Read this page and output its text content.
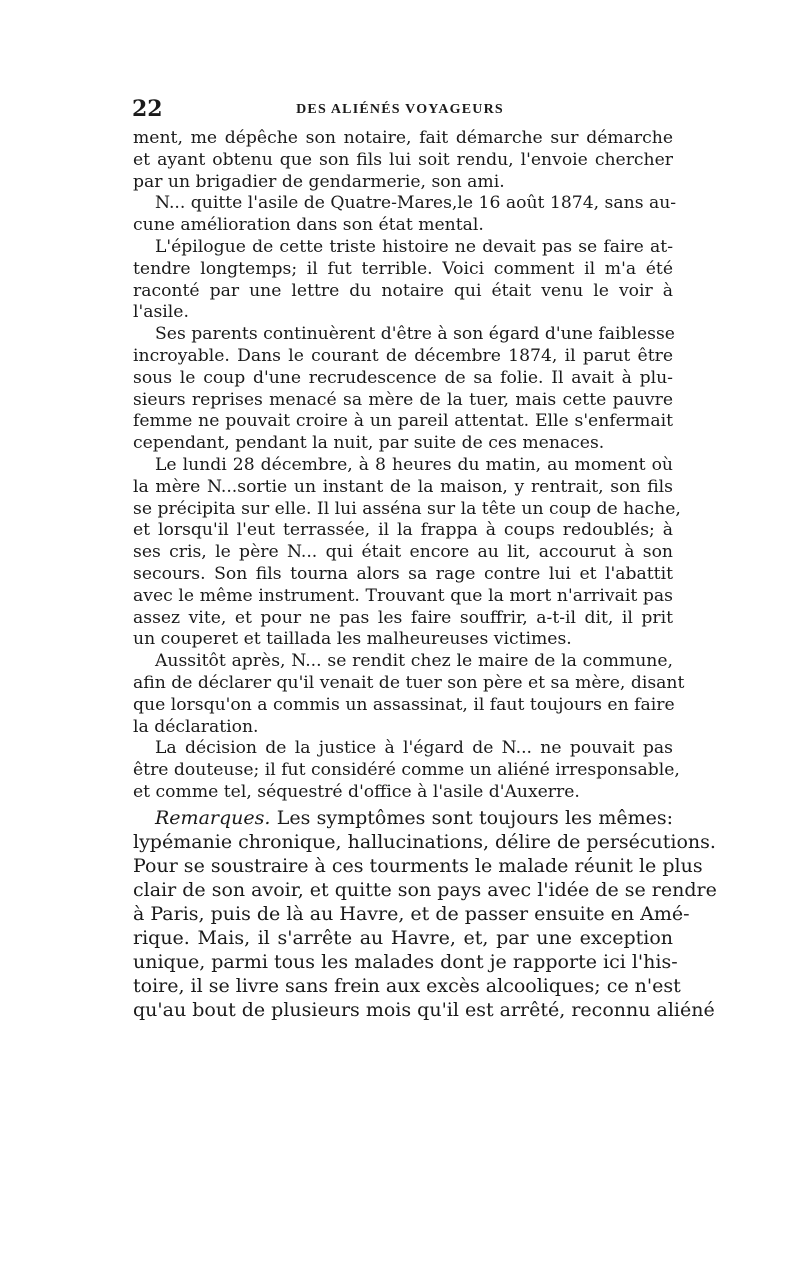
22	DES ALIÉNÉS VOYAGEURS
ment, me dépêche son notaire, fait démarche sur démarche
et ayant obtenu que son fils lui soit rendu, l'envoie chercher
par un brigadier de gendarmerie, son ami.
N... quitte l'asile de Quatre-Mares,le 16 août 1874, sans au-
cune amélioration dans son état mental.
L'épilogue de cette triste histoire ne devait pas se faire at-
tendre longtemps; il fut terrible. Voici comment il m'a été
raconté par une lettre du notaire qui était venu le voir à
l'asile.
Ses parents continuèrent d'être à son égard d'une faiblesse
incroyable. Dans le courant de décembre 1874, il parut être
sous le coup d'une recrudescence de sa folie. Il avait à plu-
sieurs reprises menacé sa mère de la tuer, mais cette pauvre
femme ne pouvait croire à un pareil attentat. Elle s'enfermait
cependant, pendant la nuit, par suite de ces menaces.
Le lundi 28 décembre, à 8 heures du matin, au moment où
la mère N...sortie un instant de la maison, y rentrait, son fils
se précipita sur elle. Il lui asséna sur la tête un coup de hache,
et lorsqu'il l'eut terrassée, il la frappa à coups redoublés; à
ses cris, le père N... qui était encore au lit, accourut à son
secours. Son fils tourna alors sa rage contre lui et l'abattit
avec le même instrument. Trouvant que la mort n'arrivait pas
assez vite, et pour ne pas les faire souffrir, a-t-il dit, il prit
un couperet et taillada les malheureuses victimes.
Aussitôt après, N... se rendit chez le maire de la commune,
afin de déclarer qu'il venait de tuer son père et sa mère, disant
que lorsqu'on a commis un assassinat, il faut toujours en faire
la déclaration.
La décision de la justice à l'égard de N... ne pouvait pas
être douteuse; il fut considéré comme un aliéné irresponsable,
et comme tel, séquestré d'office à l'asile d'Auxerre.
Remarques. Les symptômes sont toujours les mêmes:
lypémanie chronique, hallucinations, délire de persécutions.
Pour se soustraire à ces tourments le malade réunit le plus
clair de son avoir, et quitte son pays avec l'idée de se rendre
à Paris, puis de là au Havre, et de passer ensuite en Amé-
rique. Mais, il s'arrête au Havre, et, par une exception
unique, parmi tous les malades dont je rapporte ici l'his-
toire, il se livre sans frein aux excès alcooliques; ce n'est
qu'au bout de plusieurs mois qu'il est arrêté, reconnu aliéné
